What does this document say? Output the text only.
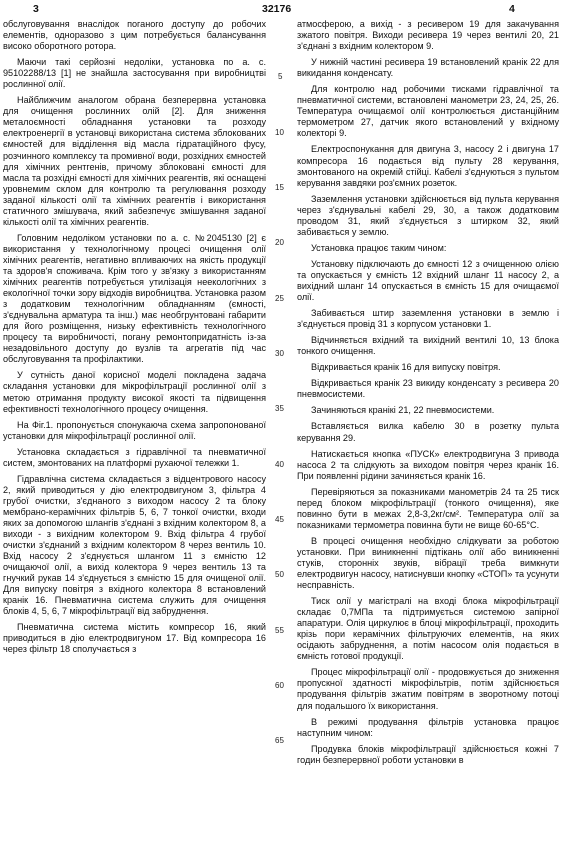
3	32176	4

обслуговування внаслідок поганого доступу до робочих елементів, одноразово з цим потребується балансування високо оборотного ротора.

Маючи такі серйозні недоліки, установка по а. с. 95102288/13 [1] не знайшла застосування при виробництві рослинної олії.

Найближчим аналогом обрана безперервна установка для очищення рослинних олій [2]. Для зниження металоємності обладнання установки та розходу електроенергії в установці використана система зблокованих ємностей для відділення від масла гідратаційного фусу, розчинного комплексу та промивної води, розхідних ємностей для хімічних рентгенів, причому зблоковані ємності для масла та розхідні ємності для хімічних реагентів, які оснащені уровнемим склом для контролю та регулювання розходу заданої кількості олії та хімічних реагентів і використання статичного змішувача, який забезпечує змішування заданої кількості олії та хімічних реагентів.

Головним недоліком установки по а. с. №2045130 [2] є використання у технологічному процесі очищення олії хімічних реагентів, негативно впливаючих на якість продукції та здоров'я споживача. Крім того у зв'язку з використанням хімічних реагентів потребується утилізація неекологічних з екологічної точки зору відходів виробництва. Установка разом з додатковим технологічним обладнанням (ємності, з'єднувальна арматура та інш.) має необгрунтовані габарити для його розміщення, низьку ефективність технологічного процесу та виробничості, погану ремонтопридатність із-за незадовільного доступу до вузлів та агрегатів під час обслуговування та профілактики.

У сутність даної корисної моделі покладена задача складання установки для мікрофільтрації рослинної олії з метою отримання продукту високої якості та підвищення ефективності технологічного процесу очищення.

На Фіг.1. пропонується спонукаюча схема запропонованої установки для мікрофільтрації рослинної олії.

Установка складається з гідравлічної та пневматичної систем, змонтованих на платформі рухаючої тележки 1.

Гідравлічна система складається з відцентрового насосу 2, який приводиться у дію електродвигуном 3, фільтра 4 грубої очистки, з'єднаного з виходом насосу 2 та блоку мембрано-керамічних фільтрів 5, 6, 7 тонкої очистки, входи яких за допомогою шлангів з'єднані з вхідним колектором 8, а виходи - з вихідним колектором 9. Вхід фільтра 4 грубої очистки з'єднаний з вхідним колектором 8 через вентиль 10. Вхід насосу 2 з'єднується шлангом 11 з ємністю 12 очищаючої олії, а вихід колектора 9 через вентиль 13 та гнучкий рукав 14 з'єднується з ємністю 15 для очищеної олії. Для випуску повітря з вхідного колектора 8 встановлений кранік 16. Пневматична система служить для очищення блоків 4, 5, 6, 7 мікрофільтрації від забруднення.

Пневматична система містить компресор 16, який приводиться в дію електродвигуном 17. Від компресора 16 через фільтр 18 сполучається з

атмосферою, а вихід - з ресивером 19 для закачування зжатого повітря. Виходи ресивера 19 через вентилі 20, 21 з'єднані з вхідним колектором 9.

У нижній частині ресивера 19 встановлений кранік 22 для викидання конденсату.

Для контролю над робочими тисками гідравлічної та пневматичної системи, встановлені манометри 23, 24, 25, 26. Температура очищаємої олії контролюється дистанційним термометром 27, датчик якого встановлений у вхідному колекторі 9.

Електроспонукання для двигуна 3, насосу 2 і двигуна 17 компресора 16 подається від пульту 28 керування, змонтованого на окремій стійці. Кабелі з'єднуються з пультом керування завдяки роз'ємних розеток.

Заземлення установки здійснюється від пульта керування через з'єднувальні кабелі 29, 30, а також додатковим проводом 31, який з'єднується з штирком 32, який забивається у землю.

Установка працює таким чином:

Установку підключають до ємності 12 з очищенною олією та опускається у ємність 12 вхідний шланг 11 насосу 2, а вихідний шланг 14 опускається в ємність 15 для очищаємої олії.

Забивається штир заземлення установки в землю і з'єднується провід 31 з корпусом установки 1.

Відчиняється вхідний та вихідний вентилі 10, 13 блока тонкого очищення.

Відкривається кранік 16 для випуску повітря.

Відкривається кранік 23 викиду конденсату з ресивера 20 пневмосистеми.

Зачиняються кранікі 21, 22 пневмосистеми.

Вставляється вилка кабелю 30 в розетку пульта керування 29.

Натискається кнопка «ПУСК» електродвигуна 3 привода насоса 2 та слідкують за виходом повітря через кранік 16. При появленні рідини зачиняється кранік 16.

Перевіряються за показниками манометрів 24 та 25 тиск перед блоком мікрофільтрації (тонкого очищення), яке повинно бути в межах 2,8-3,2кг/см². Температура олії за показниками термометра повинна бути не вище 60-65°С.

В процесі очищення необхідно слідкувати за роботою установки. При виникненні підтікань олії або виникненні стуків, сторонніх звуків, вібрації треба вимкнути електродвигун насосу, натиснувши кнопку «СТОП» та усунути несправність.

Тиск олії у магістралі на вході блока мікрофільтрації складає 0,7МПа та підтримується системою запірної апаратури. Олія циркулює в блоці мікрофільтрації, проходить крізь пори керамічних фільтруючих елементів, на яких осідають забруднення, а потім насосом олія подається в ємність готової продукції.

Процес мікрофільтрації олії - продовжується до зниження пропускної здатності мікрофільтрів, потім здійснюється продування фільтрів зжатим повітрям в зворотному потоці для подальшого їх використання.

В режимі продування фільтрів установка працює наступним чином:

Продувка блоків мікрофільтрації здійснюється кожні 7 годин безперервної роботи установки в

5
10
15
20
25
30
35
40
45
50
55
60
65
